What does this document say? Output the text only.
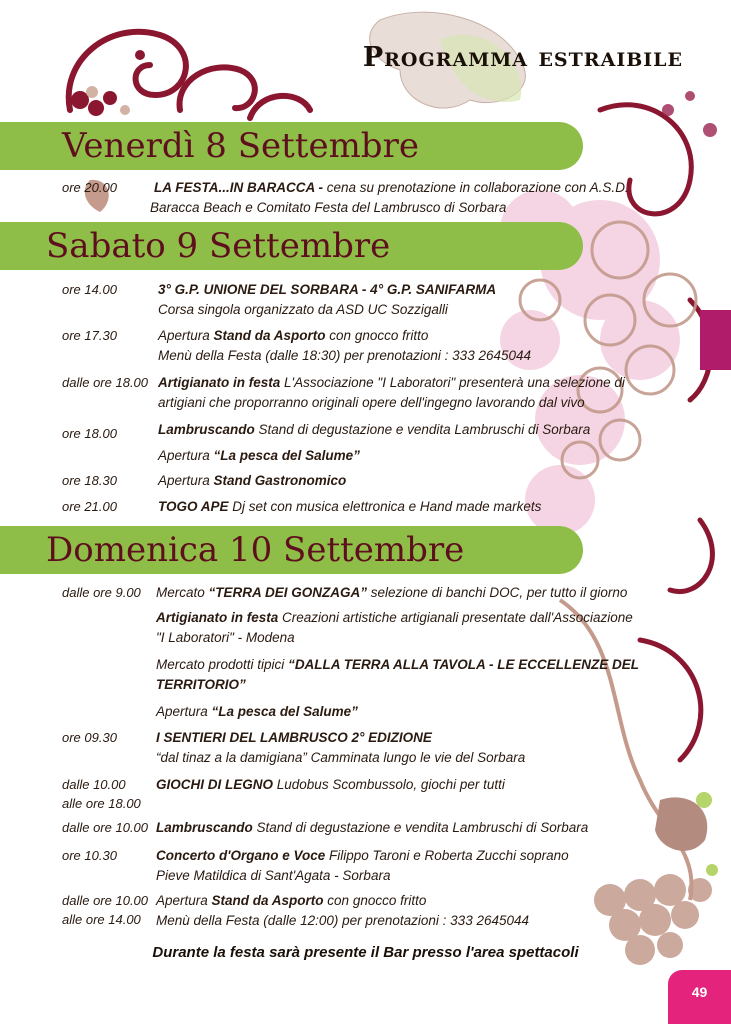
Programma estraibile
Venerdì 8 Settembre
ore 20.00	LA FESTA...IN BARACCA - cena su prenotazione in collaborazione con A.S.D.
Baracca Beach e Comitato Festa del Lambrusco di Sorbara
Sabato 9 Settembre
ore 14.00	3° G.P. UNIONE DEL SORBARA - 4° G.P. SANIFARMA
Corsa singola organizzato da ASD UC Sozzigalli
ore 17.30	Apertura Stand da Asporto con gnocco fritto
Menù della Festa (dalle 18:30) per prenotazioni : 333 2645044
dalle ore 18.00 Artigianato in festa L'Associazione "I Laboratori" presenterà una selezione di
artigiani che proporranno originali opere dell'ingegno lavorando dal vivo
ore 18.00	Lambruscando Stand di degustazione e vendita Lambruschi di Sorbara
Apertura “La pesca del Salume”
ore 18.30	Apertura Stand Gastronomico
ore 21.00	TOGO APE Dj set con musica elettronica e Hand made markets
Domenica 10 Settembre
dalle ore 9.00 Mercato “TERRA DEI GONZAGA” selezione di banchi DOC, per tutto il giorno
Artigianato in festa Creazioni artistiche artigianali presentate dall'Associazione
"I Laboratori" - Modena
Mercato prodotti tipici “DALLA TERRA ALLA TAVOLA - LE ECCELLENZE DEL
TERRITORIO”
Apertura “La pesca del Salume”
ore 09.30	I SENTIERI DEL LAMBRUSCO 2° EDIZIONE
“dal tinaz a la damigiana” Camminata lungo le vie del Sorbara
dalle 10.00
alle ore 18.00
GIOCHI DI LEGNO Ludobus Scombussolo, giochi per tutti
dalle ore 10.00 Lambruscando Stand di degustazione e vendita Lambruschi di Sorbara
ore 10.30	Concerto d'Organo e Voce Filippo Taroni e Roberta Zucchi soprano
Pieve Matildica di Sant'Agata - Sorbara
dalle ore 10.00
alle ore 14.00
Apertura Stand da Asporto con gnocco fritto
Menù della Festa (dalle 12:00) per prenotazioni : 333 2645044
Durante la festa sarà presente il Bar presso l'area spettacoli
49
